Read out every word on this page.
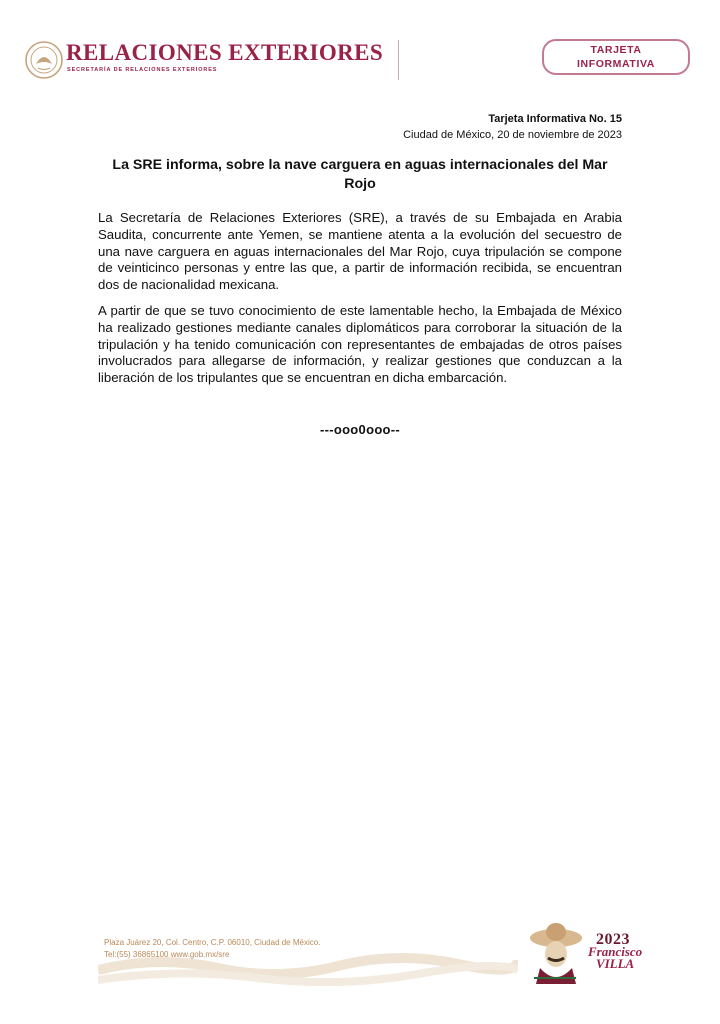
RELACIONES EXTERIORES
SECRETARÍA DE RELACIONES EXTERIORES
TARJETA
INFORMATIVA
Tarjeta Informativa No. 15
Ciudad de México, 20 de noviembre de 2023
La SRE informa, sobre la nave carguera en aguas internacionales del Mar Rojo
La Secretaría de Relaciones Exteriores (SRE), a través de su Embajada en Arabia Saudita, concurrente ante Yemen, se mantiene atenta a la evolución del secuestro de una nave carguera en aguas internacionales del Mar Rojo, cuya tripulación se compone de veinticinco personas y entre las que, a partir de información recibida, se encuentran dos de nacionalidad mexicana.
A partir de que se tuvo conocimiento de este lamentable hecho, la Embajada de México ha realizado gestiones mediante canales diplomáticos para corroborar la situación de la tripulación y ha tenido comunicación con representantes de embajadas de otros países involucrados para allegarse de información, y realizar gestiones que conduzcan a la liberación de los tripulantes que se encuentran en dicha embarcación.
---ooo0ooo--
Plaza Juárez 20, Col. Centro, C.P. 06010, Ciudad de México.
Tel:(55) 36865100 www.gob.mx/sre
2023
Francisco
VILLA
